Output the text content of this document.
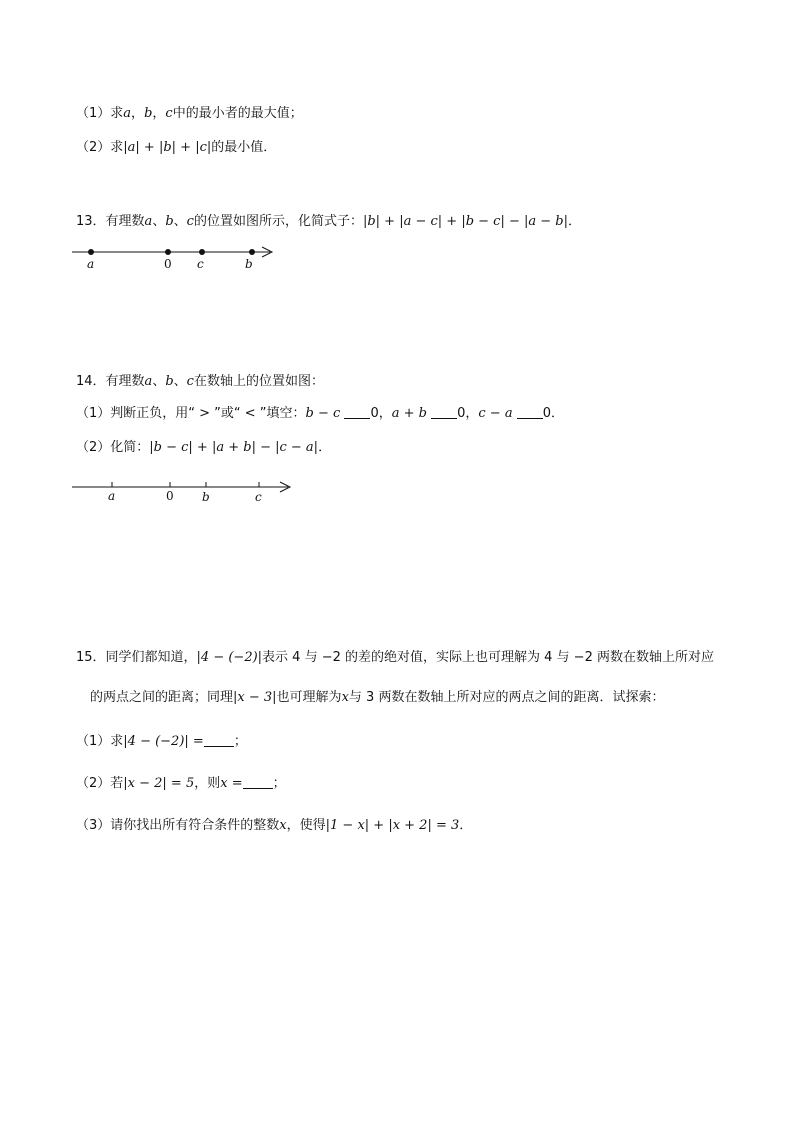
（1）求a，b，c中的最小者的最大值；
（2）求|a| + |b| + |c|的最小值．
13．有理数a、b、c的位置如图所示，化简式子：|b| + |a − c| + |b − c| − |a − b|．
14．有理数a、b、c在数轴上的位置如图：
（1）判断正负，用“ > ”或“ < ”填空：b − c 0，a + b 0，c − a 0．
（2）化简：|b − c| + |a + b| − |c − a|．
15．同学们都知道，|4 − (−2)|表示 4 与 −2 的差的绝对值，实际上也可理解为 4 与 −2 两数在数轴上所对应
的两点之间的距离；同理|x − 3|也可理解为x与 3 两数在数轴上所对应的两点之间的距离．试探索：
（1）求|4 − (−2)| = ；
（2）若|x − 2| = 5，则x = ；
（3）请你找出所有符合条件的整数x，使得|1 − x| + |x + 2| = 3．
a	0 c	b
a	0 b	c
